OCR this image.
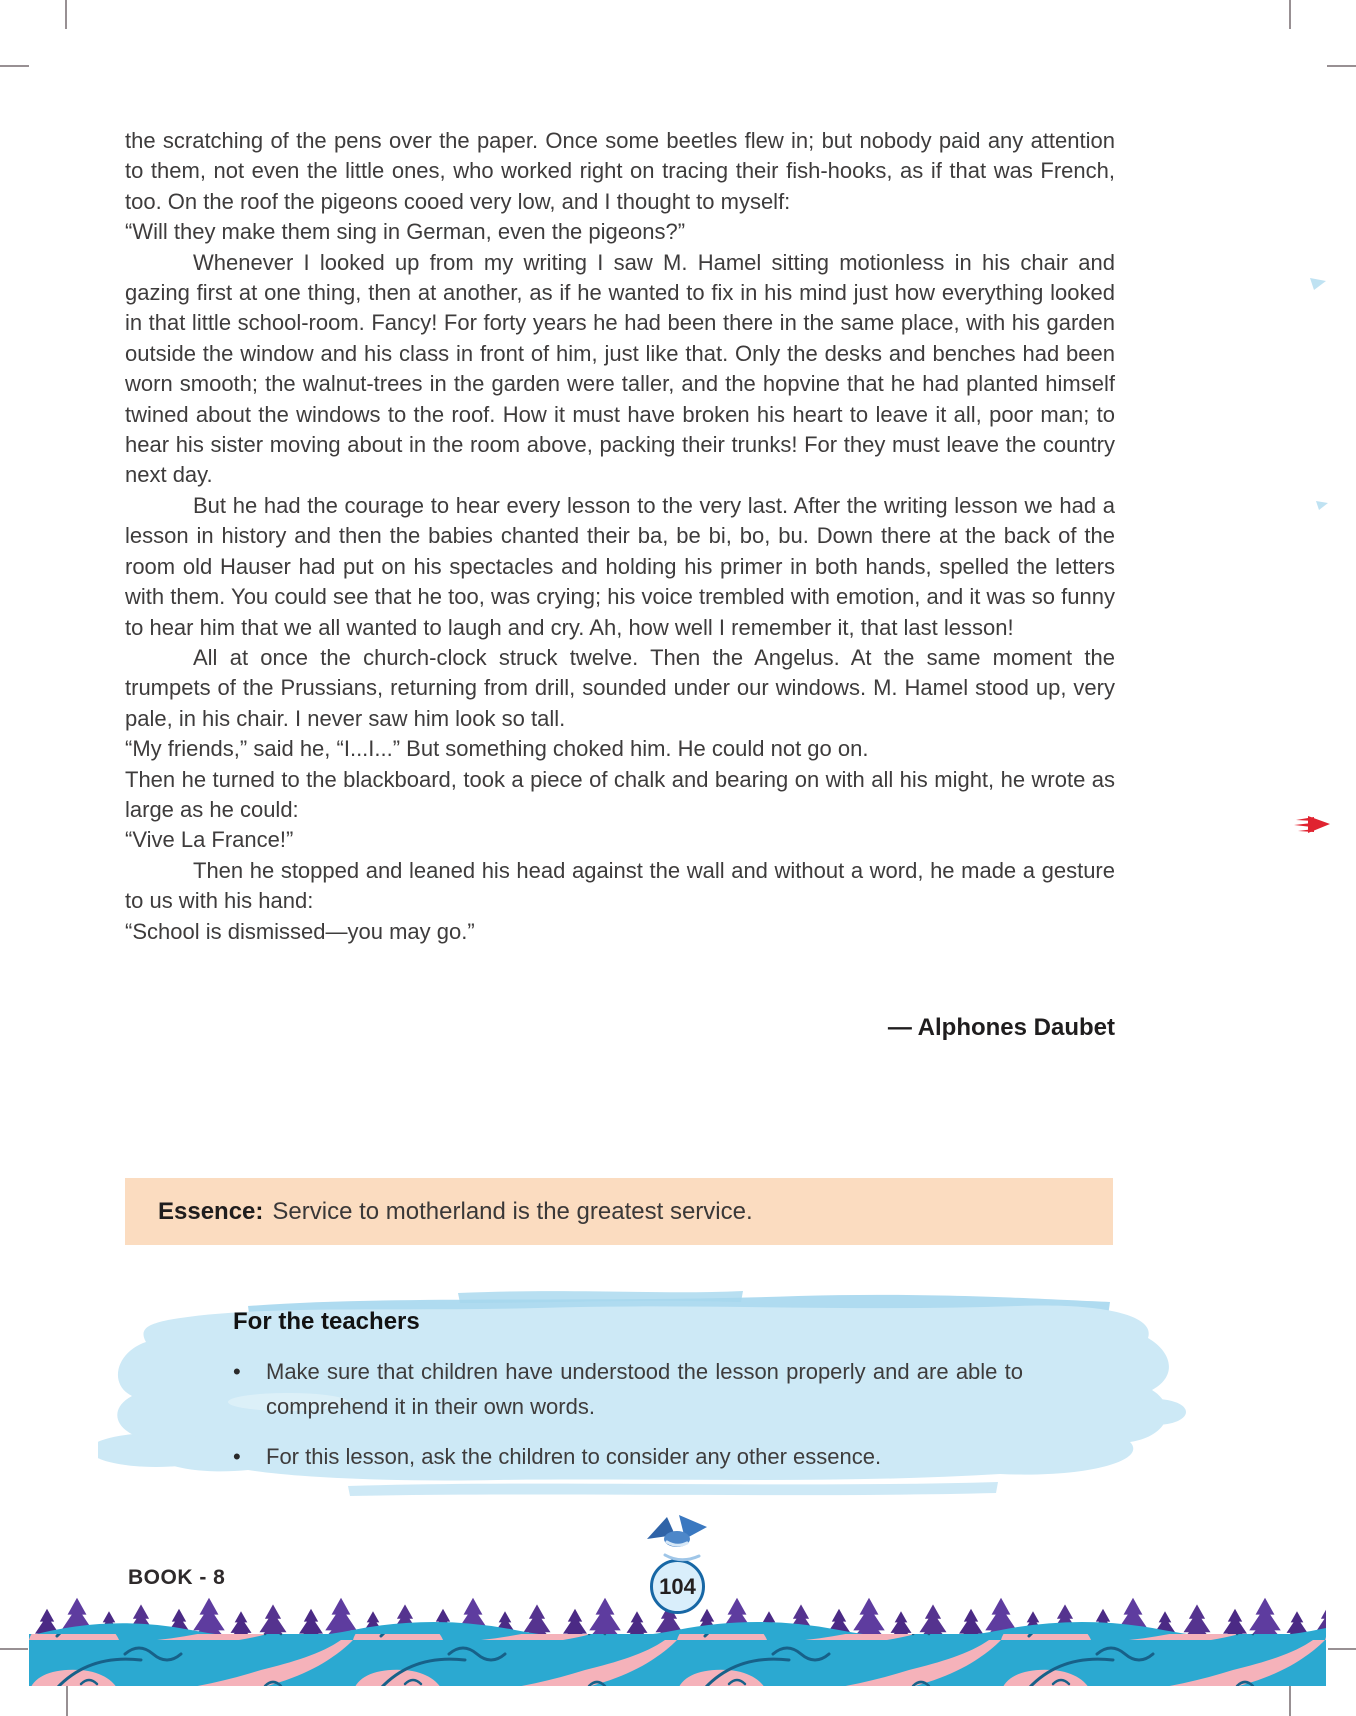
the scratching of the pens over the paper. Once some beetles flew in; but nobody paid any attention to them, not even the little ones, who worked right on tracing their fish-hooks, as if that was French, too. On the roof the pigeons cooed very low, and I thought to myself:

“Will they make them sing in German, even the pigeons?”

Whenever I looked up from my writing I saw M. Hamel sitting motionless in his chair and gazing first at one thing, then at another, as if he wanted to fix in his mind just how everything looked in that little school-room. Fancy! For forty years he had been there in the same place, with his garden outside the window and his class in front of him, just like that. Only the desks and benches had been worn smooth; the walnut-trees in the garden were taller, and the hopvine that he had planted himself twined about the windows to the roof. How it must have broken his heart to leave it all, poor man; to hear his sister moving about in the room above, packing their trunks! For they must leave the country next day.

But he had the courage to hear every lesson to the very last. After the writing lesson we had a lesson in history and then the babies chanted their ba, be bi, bo, bu. Down there at the back of the room old Hauser had put on his spectacles and holding his primer in both hands, spelled the letters with them. You could see that he too, was crying; his voice trembled with emotion, and it was so funny to hear him that we all wanted to laugh and cry. Ah, how well I remember it, that last lesson!

All at once the church-clock struck twelve. Then the Angelus. At the same moment the trumpets of the Prussians, returning from drill, sounded under our windows. M. Hamel stood up, very pale, in his chair. I never saw him look so tall.

“My friends,” said he, “I...I...” But something choked him. He could not go on.

Then he turned to the blackboard, took a piece of chalk and bearing on with all his might, he wrote as large as he could:

“Vive La France!”

Then he stopped and leaned his head against the wall and without a word, he made a gesture to us with his hand:

“School is dismissed—you may go.”

— Alphones Daubet
Essence: Service to motherland is the greatest service.
For the teachers
•	Make sure that children have understood the lesson properly and are able to comprehend it in their own words.
•	For this lesson, ask the children to consider any other essence.
BOOK - 8	104
